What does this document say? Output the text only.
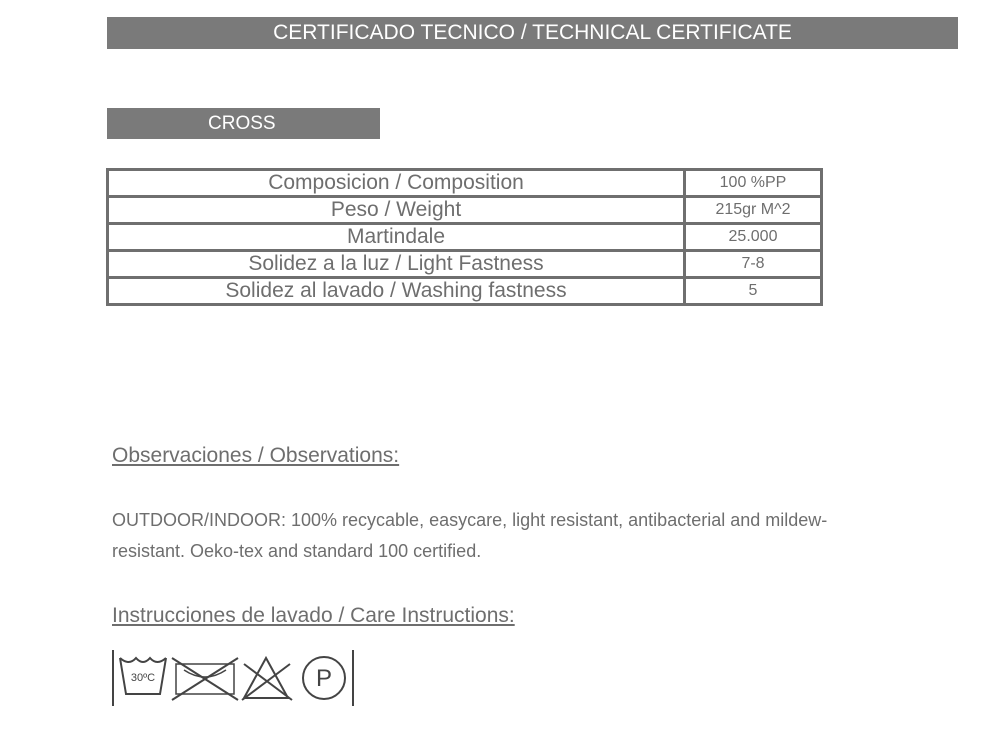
CERTIFICADO TECNICO / TECHNICAL CERTIFICATE
CROSS
Composicion / Composition	100 %PP
Peso / Weight	215gr M^2
Martindale	25.000
Solidez a la luz / Light Fastness	7-8
Solidez al lavado / Washing fastness	5
Observaciones / Observations:
OUTDOOR/INDOOR: 100% recycable, easycare, light resistant, antibacterial and mildew-resistant. Oeko-tex and standard 100 certified.
Instrucciones de lavado / Care Instructions:
30ºC	P
